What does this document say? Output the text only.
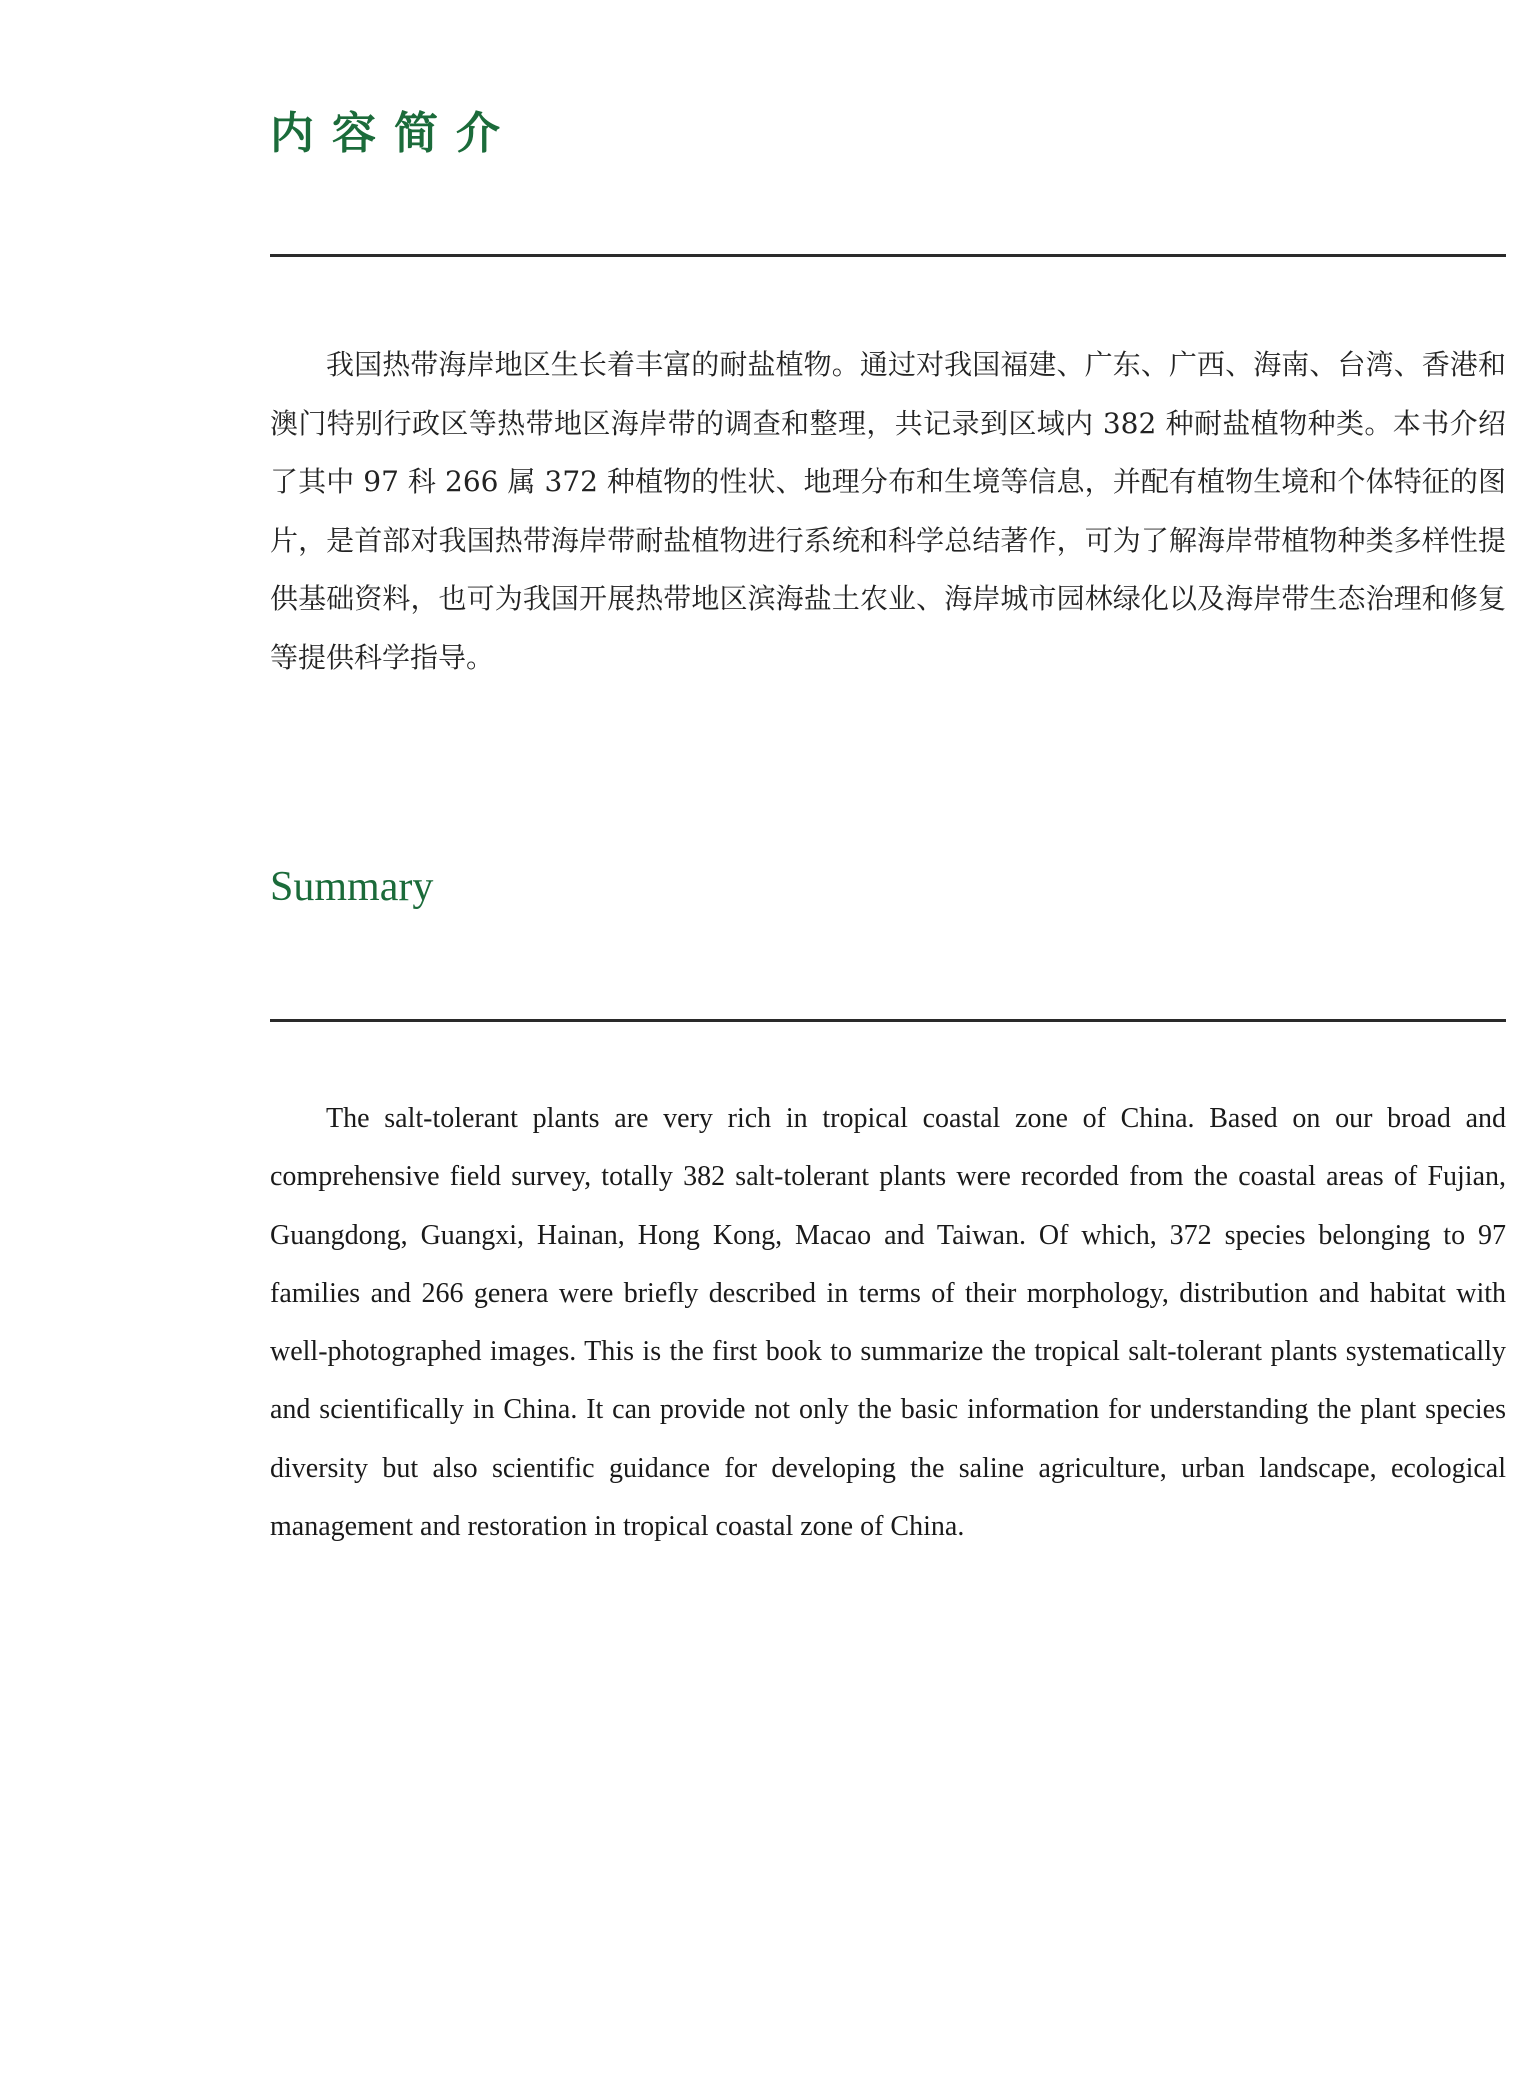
内容简介

我国热带海岸地区生长着丰富的耐盐植物。通过对我国福建、广东、广西、海南、台湾、香港和澳门特别行政区等热带地区海岸带的调查和整理，共记录到区域内 382 种耐盐植物种类。本书介绍了其中 97 科 266 属 372 种植物的性状、地理分布和生境等信息，并配有植物生境和个体特征的图片，是首部对我国热带海岸带耐盐植物进行系统和科学总结著作，可为了解海岸带植物种类多样性提供基础资料，也可为我国开展热带地区滨海盐土农业、海岸城市园林绿化以及海岸带生态治理和修复等提供科学指导。

Summary

The salt-tolerant plants are very rich in tropical coastal zone of China. Based on our broad and comprehensive field survey, totally 382 salt-tolerant plants were recorded from the coastal areas of Fujian, Guangdong, Guangxi, Hainan, Hong Kong, Macao and Taiwan. Of which, 372 species belonging to 97 families and 266 genera were briefly described in terms of their morphology, distribution and habitat with well-photographed images. This is the first book to summarize the tropical salt-tolerant plants systematically and scientifically in China. It can provide not only the basic information for understanding the plant species diversity but also scientific guidance for developing the saline agriculture, urban landscape, ecological management and restoration in tropical coastal zone of China.
